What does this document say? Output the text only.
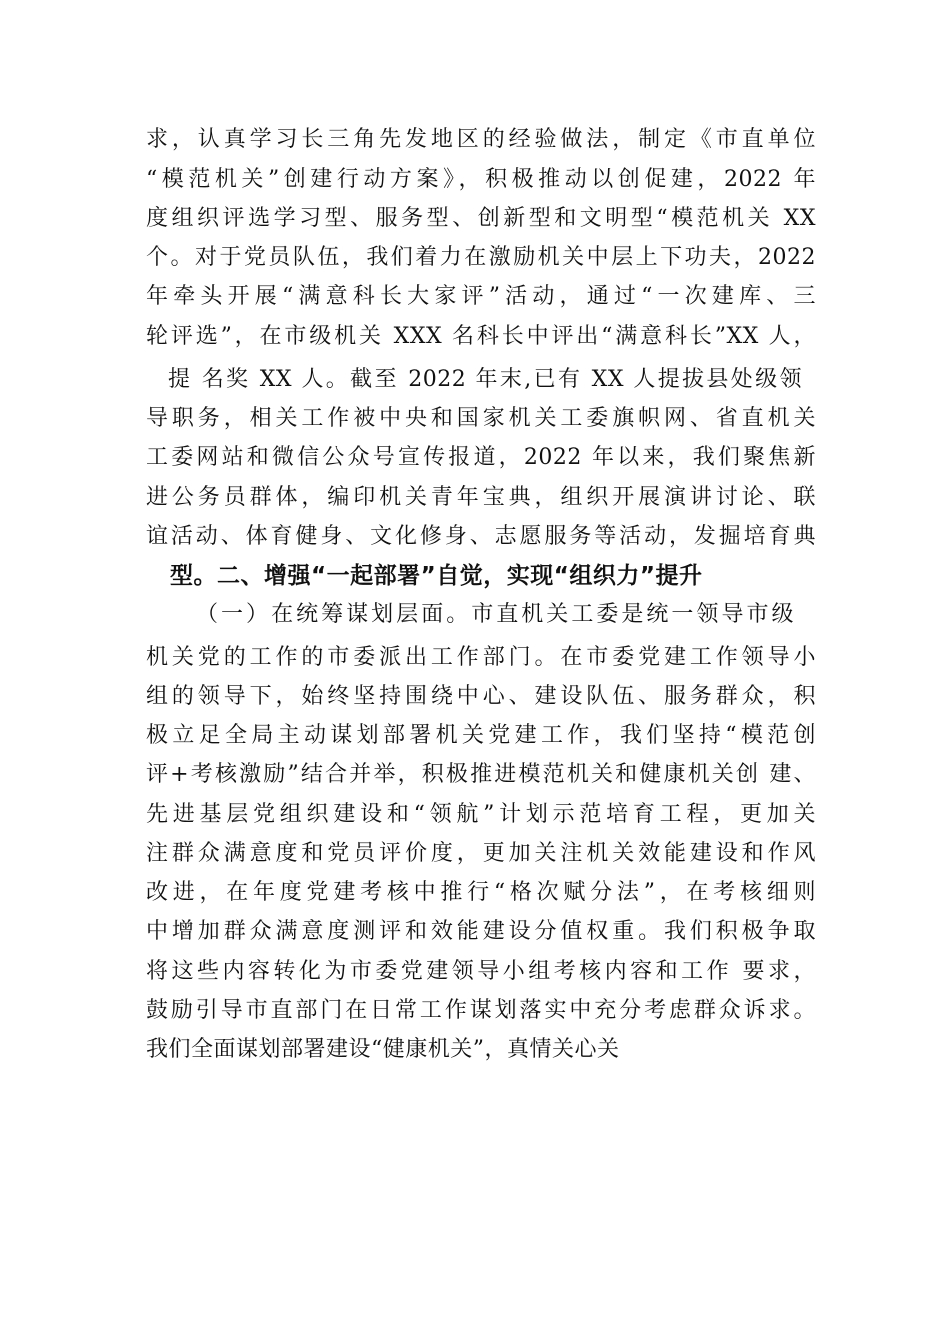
求，认真学习长三角先发地区的经验做法，制定《市直单位
“模范机关”创建行动方案》，积极推动以创促建，2022 年
度组织评选学习型、服务型、创新型和文明型“模范机关 XX
个。对于党员队伍，我们着力在激励机关中层上下功夫，2022
年牵头开展“满意科长大家评”活动，通过“一次建库、三
轮评选”，在市级机关 XXX 名科长中评出“满意科长”XX 人，
提 名奖 XX 人。截至 2022 年末,已有 XX 人提拔县处级领
导职务，相关工作被中央和国家机关工委旗帜网、省直机关
工委网站和微信公众号宣传报道，2022 年以来，我们聚焦新
进公务员群体，编印机关青年宝典，组织开展演讲讨论、联
谊活动、体育健身、文化修身、志愿服务等活动，发掘培育典
型。二、增强“一起部署”自觉，实现“组织力”提升
（一）在统筹谋划层面。市直机关工委是统一领导市级
机关党的工作的市委派出工作部门。在市委党建工作领导小
组的领导下，始终坚持围绕中心、建设队伍、服务群众，积
极立足全局主动谋划部署机关党建工作，我们坚持“模范创
评+考核激励”结合并举，积极推进模范机关和健康机关创 建、
先进基层党组织建设和“领航”计划示范培育工程，更加关
注群众满意度和党员评价度，更加关注机关效能建设和作风
改进，在年度党建考核中推行“格次赋分法”，在考核细则
中增加群众满意度测评和效能建设分值权重。我们积极争取
将这些内容转化为市委党建领导小组考核内容和工作 要求，
鼓励引导市直部门在日常工作谋划落实中充分考虑群众诉求。
我们全面谋划部署建设“健康机关”，真情关心关
